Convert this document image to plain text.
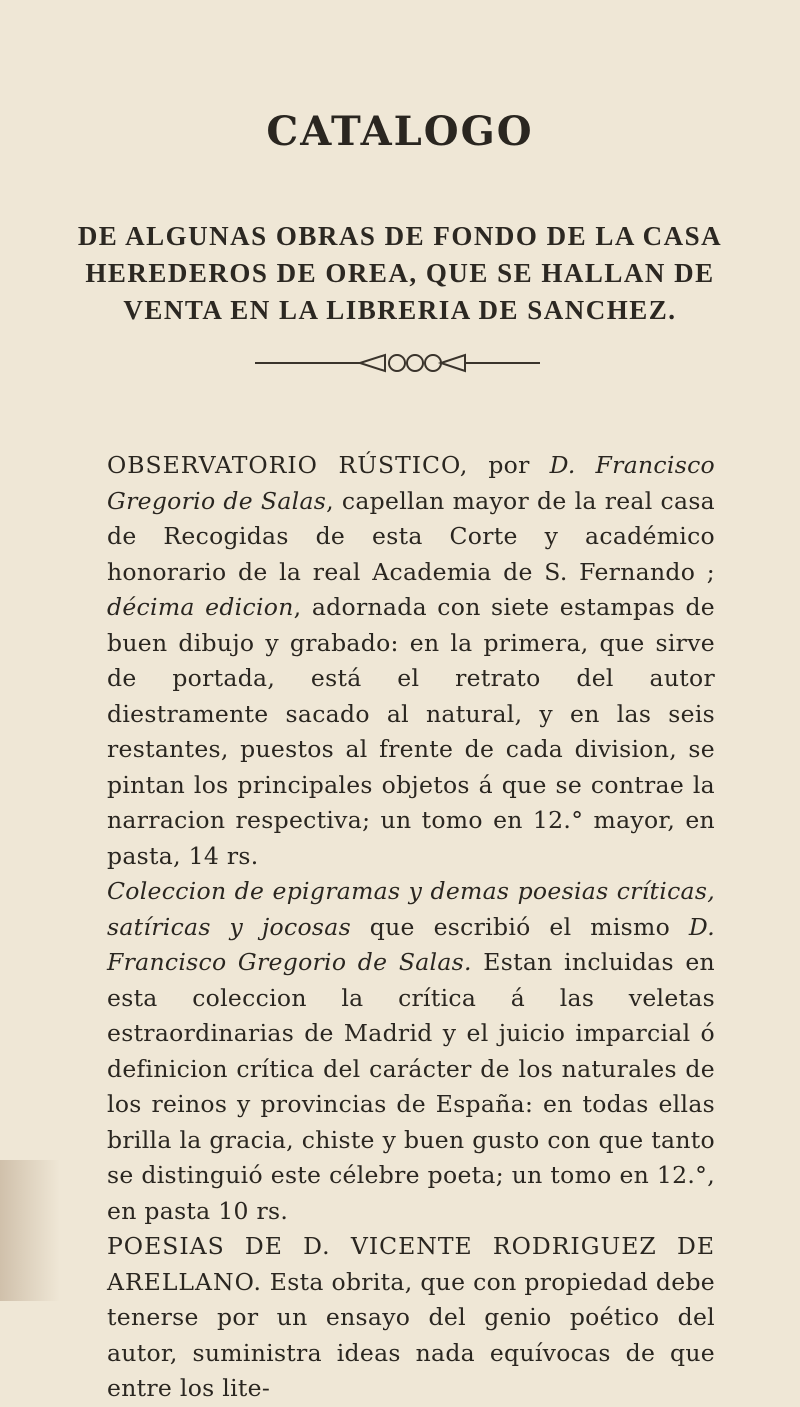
CATALOGO
DE ALGUNAS OBRAS DE FONDO DE LA CASA HEREDEROS DE OREA, QUE SE HALLAN DE VENTA EN LA LIBRERIA DE SANCHEZ.

OBSERVATORIO RÚSTICO, por D. Francisco Gregorio de Salas, capellan mayor de la real casa de Recogidas de esta Corte y académico honorario de la real Academia de S. Fernando ; décima edicion, adornada con siete estampas de buen dibujo y grabado: en la primera, que sirve de portada, está el retrato del autor diestramente sacado al natural, y en las seis restantes, puestos al frente de cada division, se pintan los principales objetos á que se contrae la narracion respectiva; un tomo en 12.° mayor, en pasta, 14 rs.

Coleccion de epigramas y demas poesias críticas, satíricas y jocosas que escribió el mismo D. Francisco Gregorio de Salas. Estan incluidas en esta coleccion la crítica á las veletas estraordinarias de Madrid y el juicio imparcial ó definicion crítica del carácter de los naturales de los reinos y provincias de España: en todas ellas brilla la gracia, chiste y buen gusto con que tanto se distinguió este célebre poeta; un tomo en 12.°, en pasta 10 rs.

POESIAS DE D. VICENTE RODRIGUEZ DE ARELLANO. Esta obrita, que con propiedad debe tenerse por un ensayo del genio poético del autor, suministra ideas nada equívocas de que entre los lite-
